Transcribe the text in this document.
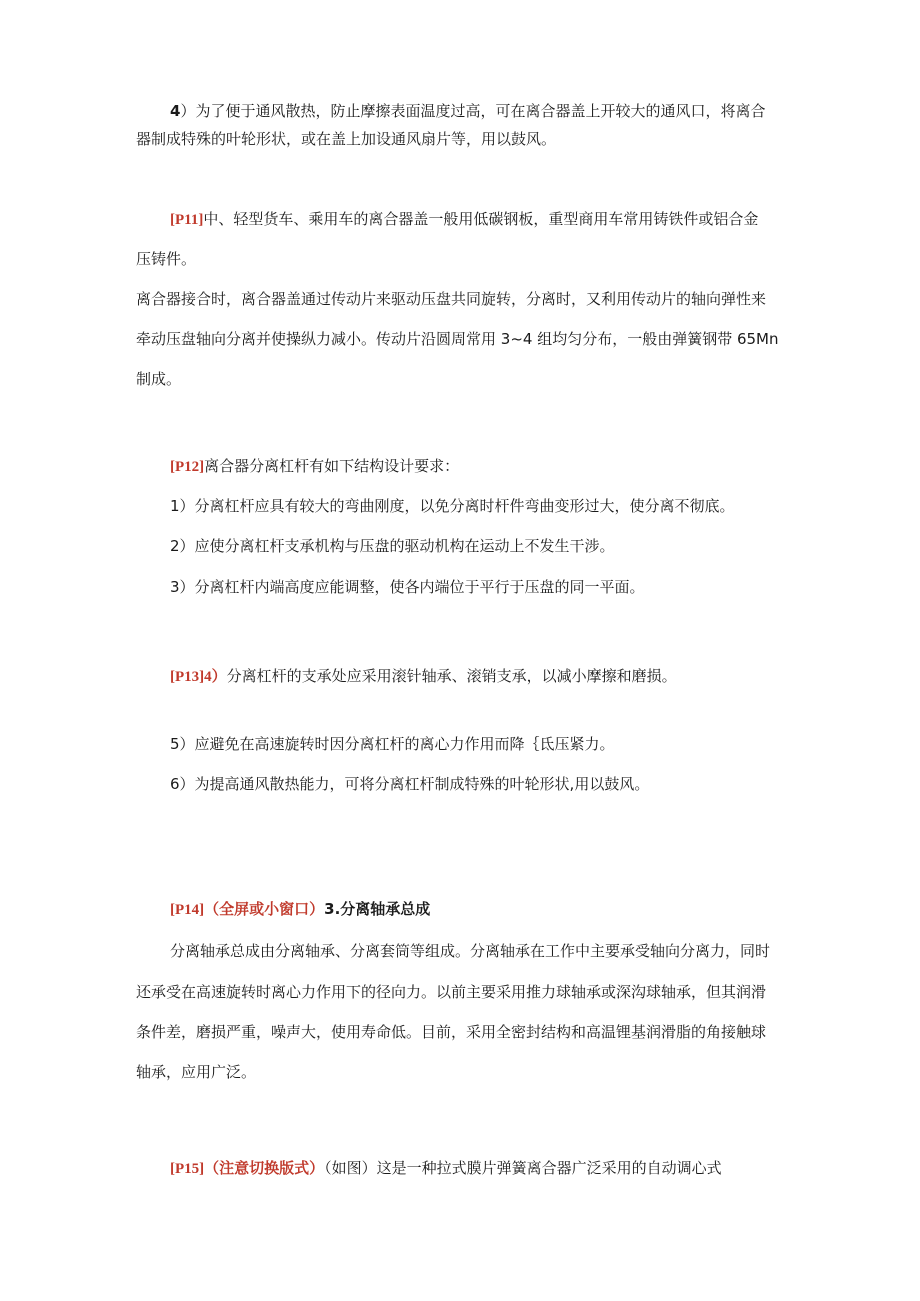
4）为了便于通风散热，防止摩擦表面温度过高，可在离合器盖上开较大的通风口，将离合
器制成特殊的叶轮形状，或在盖上加设通风扇片等，用以鼓风。
[P11]中、轻型货车、乘用车的离合器盖一般用低碳钢板，重型商用车常用铸铁件或铝合金
压铸件。
离合器接合时，离合器盖通过传动片来驱动压盘共同旋转，分离时，又利用传动片的轴向弹性来
牵动压盘轴向分离并使操纵力减小。传动片沿圆周常用 3~4 组均匀分布，一般由弹簧钢带 65Mn
制成。
[P12]离合器分离杠杆有如下结构设计要求：
1）分离杠杆应具有较大的弯曲刚度，以免分离时杆件弯曲变形过大，使分离不彻底。
2）应使分离杠杆支承机构与压盘的驱动机构在运动上不发生干涉。
3）分离杠杆内端高度应能调整，使各内端位于平行于压盘的同一平面。
[P13]4）分离杠杆的支承处应采用滚针轴承、滚销支承，以减小摩擦和磨损。
5）应避免在高速旋转时因分离杠杆的离心力作用而降｛氐压紧力。
6）为提高通风散热能力，可将分离杠杆制成特殊的叶轮形状,用以鼓风。
[P14]（全屏或小窗口）3.分离轴承总成
分离轴承总成由分离轴承、分离套筒等组成。分离轴承在工作中主要承受轴向分离力，同时
还承受在高速旋转时离心力作用下的径向力。以前主要采用推力球轴承或深沟球轴承，但其润滑
条件差，磨损严重，噪声大，使用寿命低。目前，采用全密封结构和高温锂基润滑脂的角接触球
轴承，应用广泛。
[P15]（注意切换版式）（如图）这是一种拉式膜片弹簧离合器广泛采用的自动调心式
